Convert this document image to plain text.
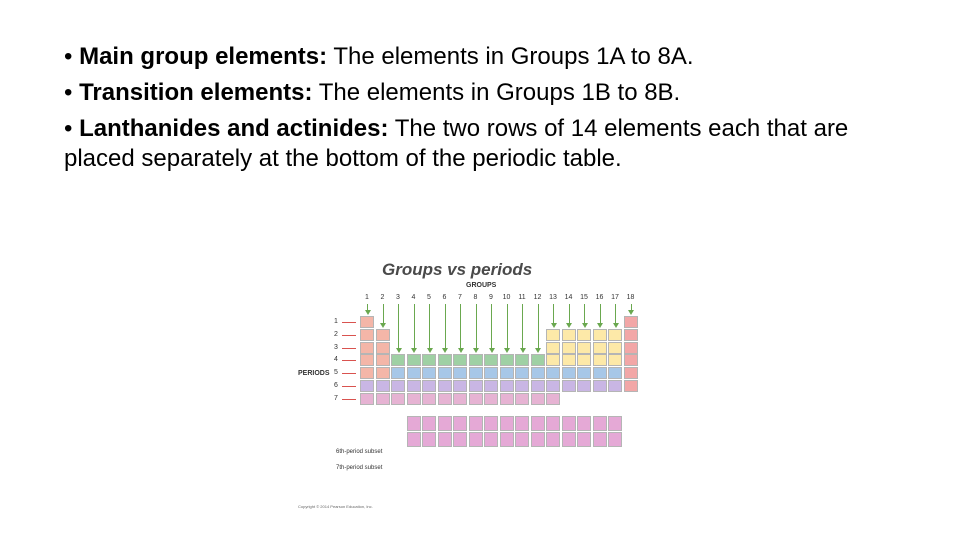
• Main group elements: The elements in Groups 1A to 8A.
• Transition elements: The elements in Groups 1B to 8B.
• Lanthanides and actinides: The two rows of 14 elements each that are placed separately at the bottom of the periodic table.
Groups vs periods
GROUPS
PERIODS
6th-period subset
7th-period subset
Copyright © 2014 Pearson Education, Inc.
1	2	3	4	5	6	7	8	9	10	11	12	13	14	15	16	17	18
1
2
3
4
5
6
7
